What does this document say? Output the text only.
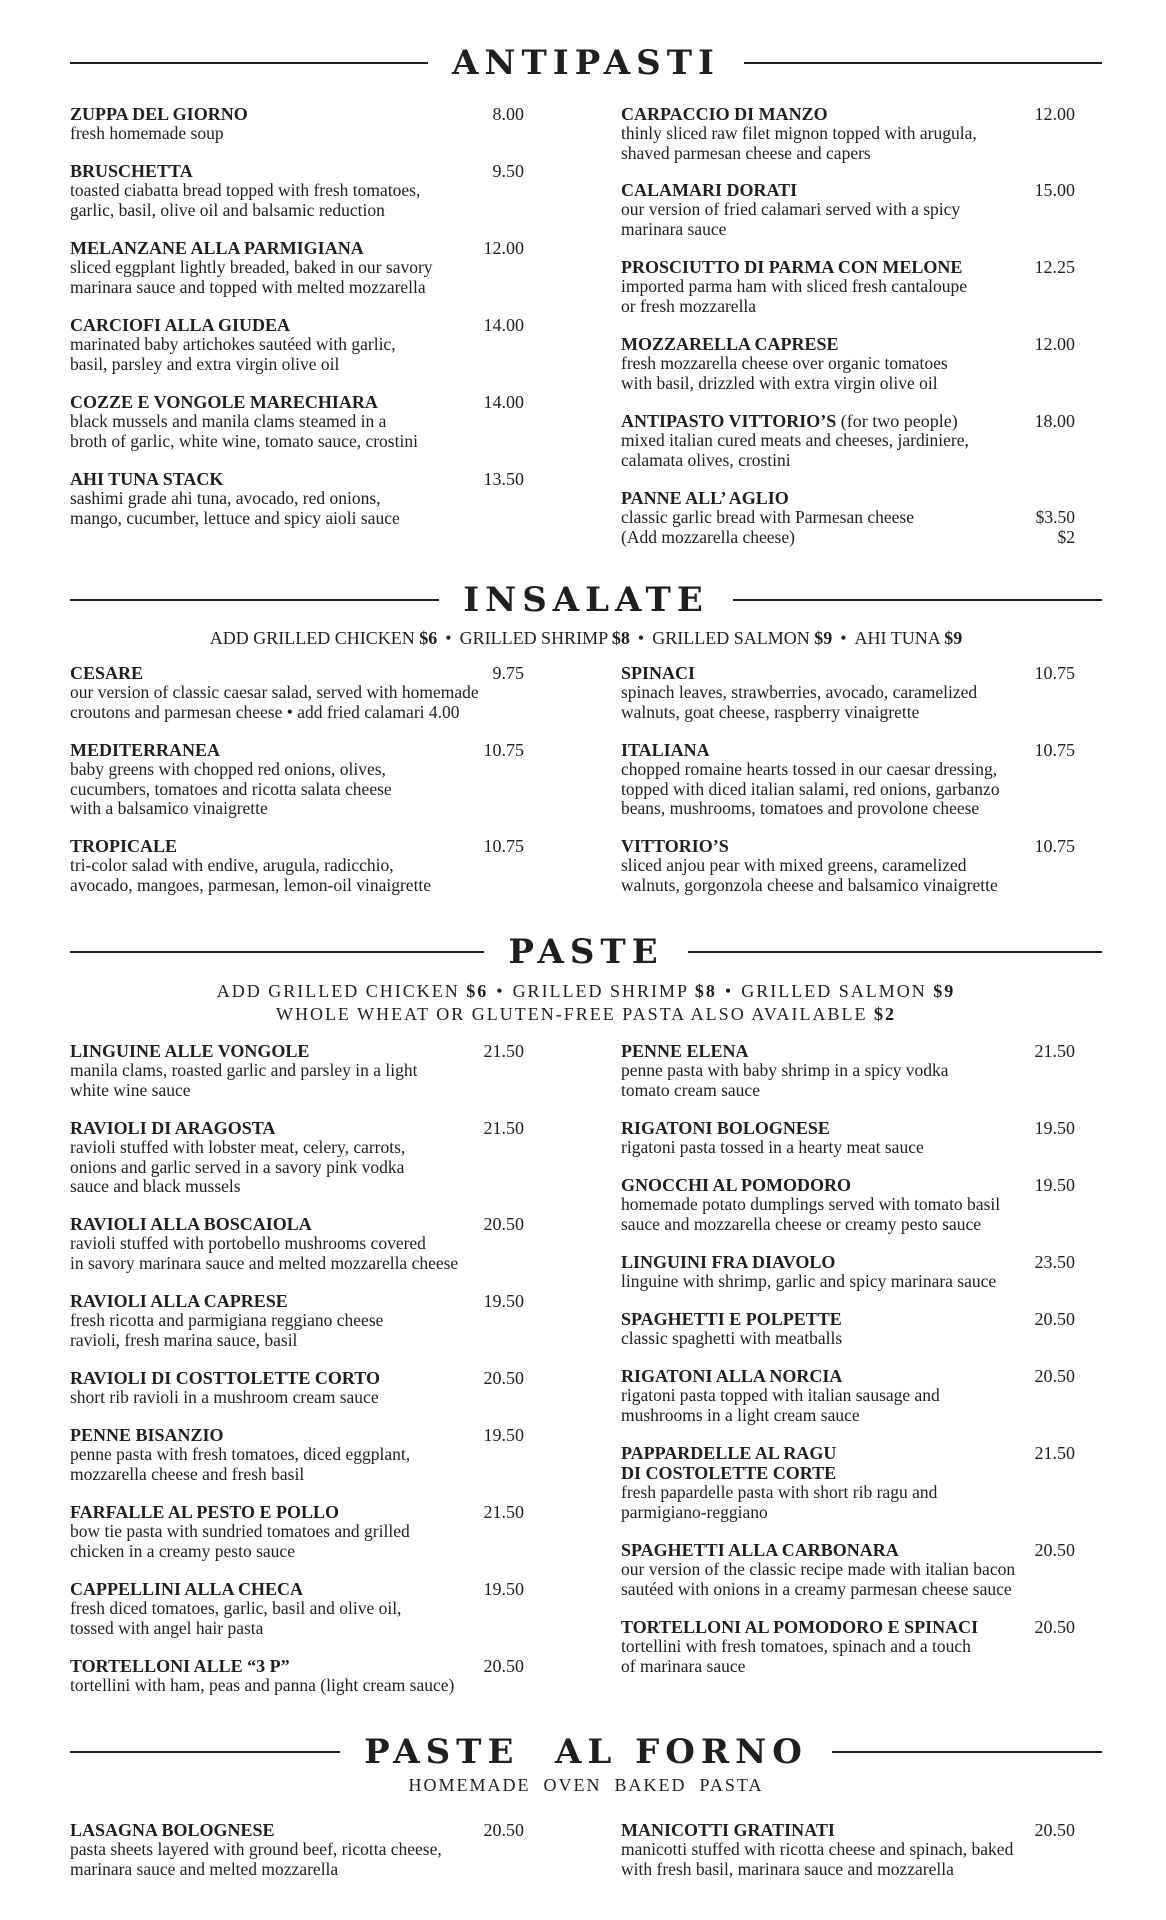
ANTIPASTI
INSALATE
ADD GRILLED CHICKEN $6 • GRILLED SHRIMP $8 • GRILLED SALMON $9 • AHI TUNA $9
PASTE
ADD GRILLED CHICKEN $6 • GRILLED SHRIMP $8 • GRILLED SALMON $9
WHOLE WHEAT OR GLUTEN-FREE PASTA ALSO AVAILABLE $2
PASTE  AL FORNO
HOMEMADE  OVEN  BAKED  PASTA
ZUPPA DEL GIORNO	8.00
fresh homemade soup
BRUSCHETTA	9.50
toasted ciabatta bread topped with fresh tomatoes,
garlic, basil, olive oil and balsamic reduction
MELANZANE ALLA PARMIGIANA	12.00
sliced eggplant lightly breaded, baked in our savory
marinara sauce and topped with melted mozzarella
CARCIOFI ALLA GIUDEA	14.00
marinated baby artichokes sautéed with garlic,
basil, parsley and extra virgin olive oil
COZZE E VONGOLE MARECHIARA	14.00
black mussels and manila clams steamed in a
broth of garlic, white wine, tomato sauce, crostini
AHI TUNA STACK	13.50
sashimi grade ahi tuna, avocado, red onions,
mango, cucumber, lettuce and spicy aioli sauce
CARPACCIO DI MANZO	12.00
thinly sliced raw filet mignon topped with arugula,
shaved parmesan cheese and capers
CALAMARI DORATI	15.00
our version of fried calamari served with a spicy
marinara sauce
PROSCIUTTO DI PARMA CON MELONE	12.25
imported parma ham with sliced fresh cantaloupe
or fresh mozzarella
MOZZARELLA CAPRESE	12.00
fresh mozzarella cheese over organic tomatoes
with basil, drizzled with extra virgin olive oil
ANTIPASTO VITTORIO’S (for two people)	18.00
mixed italian cured meats and cheeses, jardiniere,
calamata olives, crostini
CESARE	9.75
our version of classic caesar salad, served with homemade
croutons and parmesan cheese • add fried calamari 4.00
MEDITERRANEA	10.75
baby greens with chopped red onions, olives,
cucumbers, tomatoes and ricotta salata cheese
with a balsamico vinaigrette
TROPICALE	10.75
tri-color salad with endive, arugula, radicchio,
avocado, mangoes, parmesan, lemon-oil vinaigrette
SPINACI	10.75
spinach leaves, strawberries, avocado, caramelized
walnuts, goat cheese, raspberry vinaigrette
ITALIANA	10.75
chopped romaine hearts tossed in our caesar dressing,
topped with diced italian salami, red onions, garbanzo
beans, mushrooms, tomatoes and provolone cheese
VITTORIO’S	10.75
sliced anjou pear with mixed greens, caramelized
walnuts, gorgonzola cheese and balsamico vinaigrette
LINGUINE ALLE VONGOLE	21.50
manila clams, roasted garlic and parsley in a light
white wine sauce
RAVIOLI DI ARAGOSTA	21.50
ravioli stuffed with lobster meat, celery, carrots,
onions and garlic served in a savory pink vodka
sauce and black mussels
RAVIOLI ALLA BOSCAIOLA	20.50
ravioli stuffed with portobello mushrooms covered
in savory marinara sauce and melted mozzarella cheese
RAVIOLI ALLA CAPRESE	19.50
fresh ricotta and parmigiana reggiano cheese
ravioli, fresh marina sauce, basil
RAVIOLI DI COSTTOLETTE CORTO	20.50
short rib ravioli in a mushroom cream sauce
PENNE BISANZIO	19.50
penne pasta with fresh tomatoes, diced eggplant,
mozzarella cheese and fresh basil
FARFALLE AL PESTO E POLLO	21.50
bow tie pasta with sundried tomatoes and grilled
chicken in a creamy pesto sauce
CAPPELLINI ALLA CHECA	19.50
fresh diced tomatoes, garlic, basil and olive oil,
tossed with angel hair pasta
TORTELLONI ALLE “3 P”	20.50
tortellini with ham, peas and panna (light cream sauce)
PENNE ELENA	21.50
penne pasta with baby shrimp in a spicy vodka
tomato cream sauce
RIGATONI BOLOGNESE	19.50
rigatoni pasta tossed in a hearty meat sauce
GNOCCHI AL POMODORO	19.50
homemade potato dumplings served with tomato basil
sauce and mozzarella cheese or creamy pesto sauce
LINGUINI FRA DIAVOLO	23.50
linguine with shrimp, garlic and spicy marinara sauce
SPAGHETTI E POLPETTE	20.50
classic spaghetti with meatballs
RIGATONI ALLA NORCIA	20.50
rigatoni pasta topped with italian sausage and
mushrooms in a light cream sauce
PAPPARDELLE AL RAGU	21.50
DI COSTOLETTE CORTE
fresh papardelle pasta with short rib ragu and
parmigiano-reggiano
SPAGHETTI ALLA CARBONARA	20.50
our version of the classic recipe made with italian bacon
sautéed with onions in a creamy parmesan cheese sauce
TORTELLONI AL POMODORO E SPINACI	20.50
tortellini with fresh tomatoes, spinach and a touch
of marinara sauce
LASAGNA BOLOGNESE	20.50
pasta sheets layered with ground beef, ricotta cheese,
marinara sauce and melted mozzarella
MANICOTTI GRATINATI	20.50
manicotti stuffed with ricotta cheese and spinach, baked
with fresh basil, marinara sauce and mozzarella
PANNE ALL’ AGLIO
classic garlic bread with Parmesan cheese	$3.50
(Add mozzarella cheese)	$2
